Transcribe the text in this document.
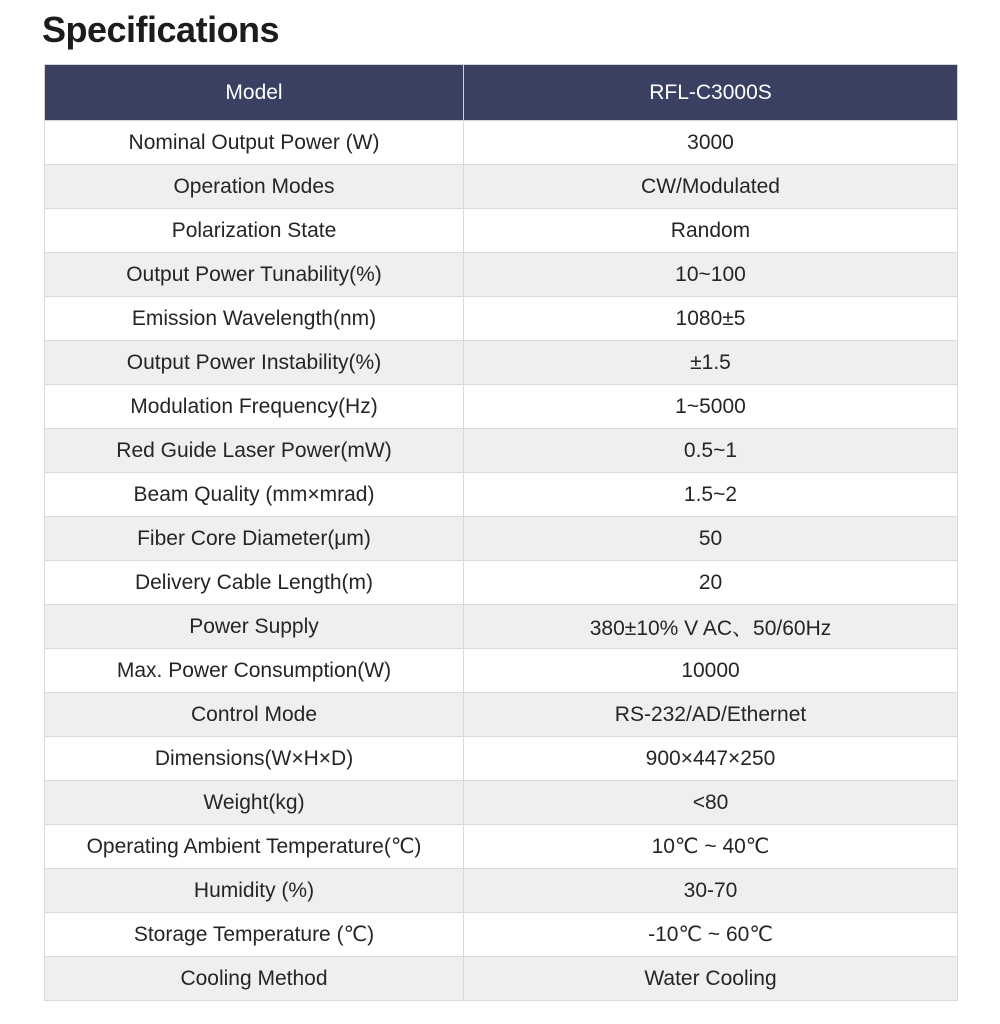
Specifications
Model	RFL-C3000S
Nominal Output Power (W)	3000
Operation Modes	CW/Modulated
Polarization State	Random
Output Power Tunability(%)	10~100
Emission Wavelength(nm)	1080±5
Output Power Instability(%)	±1.5
Modulation Frequency(Hz)	1~5000
Red Guide Laser Power(mW)	0.5~1
Beam Quality (mm×mrad)	1.5~2
Fiber Core Diameter(μm)	50
Delivery Cable Length(m)	20
Power Supply	380±10% V AC、50/60Hz
Max. Power Consumption(W)	10000
Control Mode	RS-232/AD/Ethernet
Dimensions(W×H×D)	900×447×250
Weight(kg)	<80
Operating Ambient Temperature(℃)	10℃ ~ 40℃
Humidity (%)	30-70
Storage Temperature (℃)	-10℃ ~ 60℃
Cooling Method	Water Cooling
